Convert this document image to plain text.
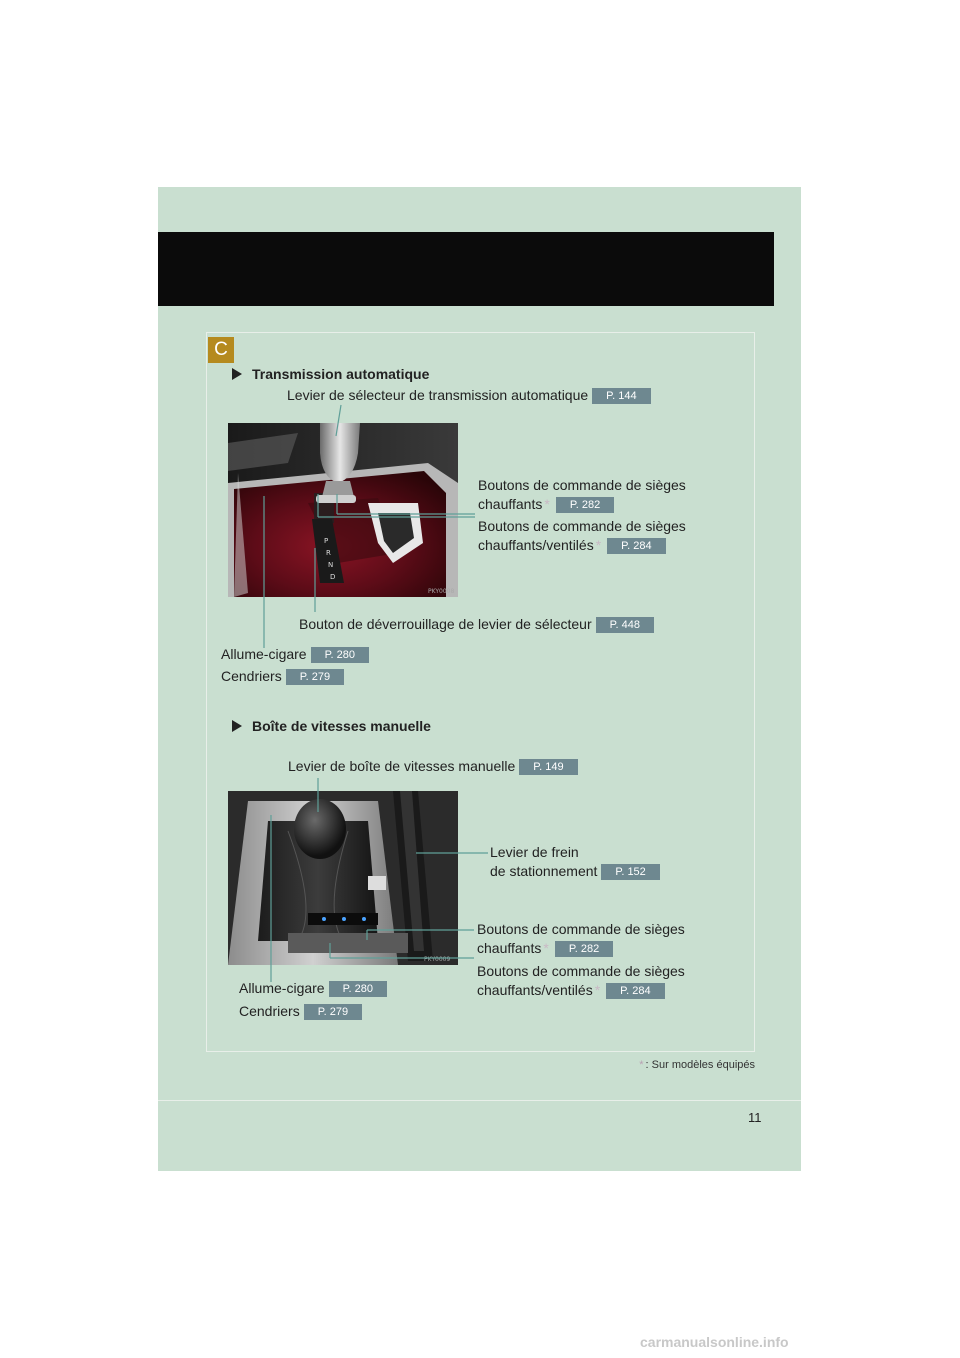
C
Transmission automatique
Levier de sélecteur de transmission automatique P. 144
P
R
N
D
PKY0008
Boutons de commande de sièges
chauffants * P. 282
Boutons de commande de sièges
chauffants/ventilés * P. 284
Bouton de déverrouillage de levier de sélecteur P. 448
Allume-cigare P. 280
Cendriers P. 279
Boîte de vitesses manuelle
Levier de boîte de vitesses manuelle P. 149
PKY0009
Levier de frein
de stationnement P. 152
Boutons de commande de sièges
chauffants * P. 282
Boutons de commande de sièges
chauffants/ventilés * P. 284
Allume-cigare P. 280
Cendriers P. 279
* : Sur modèles équipés
11
carmanualsonline.info
